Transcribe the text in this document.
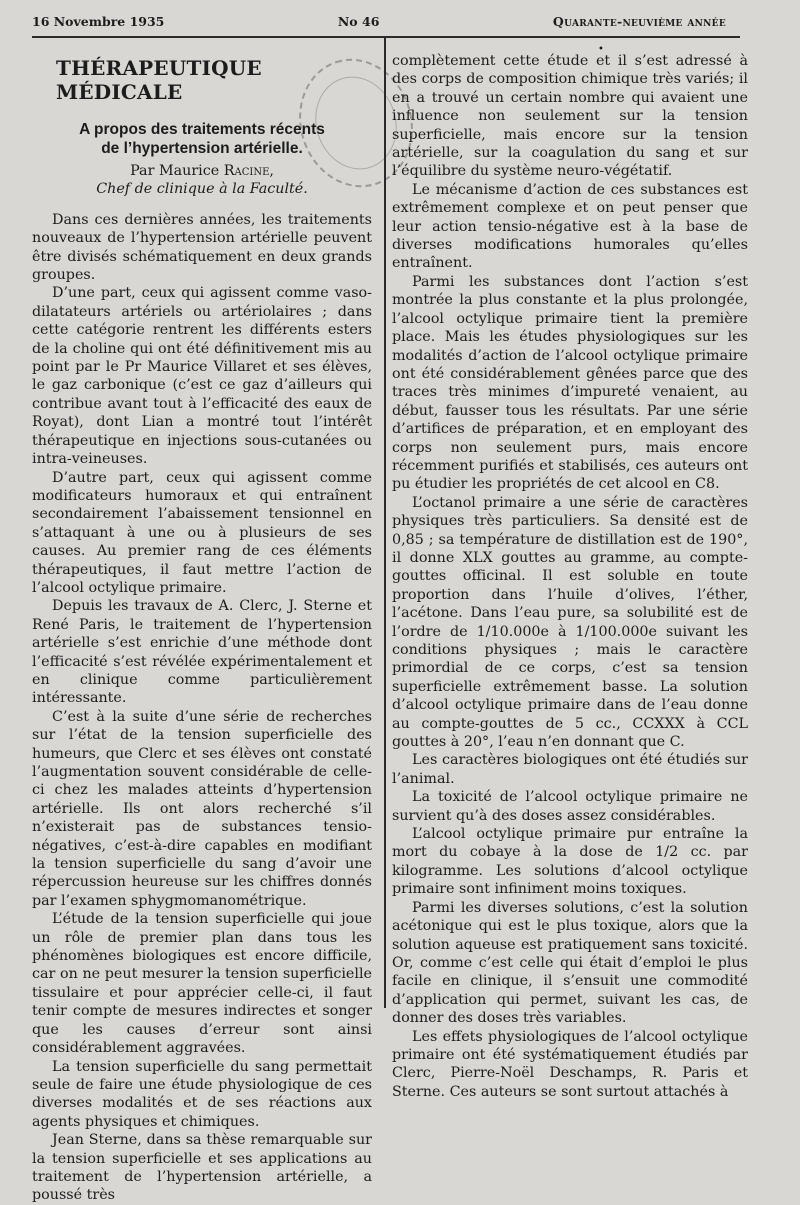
16 Novembre 1935	No 46	Quarante-neuvième année
•
THÉRAPEUTIQUE MÉDICALE
A propos des traitements récents
de l’hypertension artérielle.
Par Maurice Racine,
Chef de clinique à la Faculté.

Dans ces dernières années, les traitements nouveaux de l’hypertension artérielle peuvent être divisés schématiquement en deux grands groupes.

D’une part, ceux qui agissent comme vaso-dilatateurs artériels ou artériolaires ; dans cette catégorie rentrent les différents esters de la choline qui ont été définitivement mis au point par le Pr Maurice Villaret et ses élèves, le gaz carbonique (c’est ce gaz d’ailleurs qui contribue avant tout à l’efficacité des eaux de Royat), dont Lian a montré tout l’intérêt thérapeutique en injections sous-cutanées ou intra-veineuses.

D’autre part, ceux qui agissent comme modificateurs humoraux et qui entraînent secondairement l’abaissement tensionnel en s’attaquant à une ou à plusieurs de ses causes. Au premier rang de ces éléments thérapeutiques, il faut mettre l’action de l’alcool octylique primaire.

Depuis les travaux de A. Clerc, J. Sterne et René Paris, le traitement de l’hypertension artérielle s’est enrichie d’une méthode dont l’efficacité s’est révélée expérimentalement et en clinique comme particulièrement intéressante.

C’est à la suite d’une série de recherches sur l’état de la tension superficielle des humeurs, que Clerc et ses élèves ont constaté l’augmentation souvent considérable de celle-ci chez les malades atteints d’hypertension artérielle. Ils ont alors recherché s’il n’existerait pas de substances tensio-négatives, c’est-à-dire capables en modifiant la tension superficielle du sang d’avoir une répercussion heureuse sur les chiffres donnés par l’examen sphygmomanométrique.

L’étude de la tension superficielle qui joue un rôle de premier plan dans tous les phénomènes biologiques est encore difficile, car on ne peut mesurer la tension superficielle tissulaire et pour apprécier celle-ci, il faut tenir compte de mesures indirectes et songer que les causes d’erreur sont ainsi considérablement aggravées.

La tension superficielle du sang permettait seule de faire une étude physiologique de ces diverses modalités et de ses réactions aux agents physiques et chimiques.

Jean Sterne, dans sa thèse remarquable sur la tension superficielle et ses applications au traitement de l’hypertension artérielle, a poussé très

complètement cette étude et il s’est adressé à des corps de composition chimique très variés; il en a trouvé un certain nombre qui avaient une influence non seulement sur la tension superficielle, mais encore sur la tension artérielle, sur la coagulation du sang et sur l’équilibre du système neuro-végétatif.

Le mécanisme d’action de ces substances est extrêmement complexe et on peut penser que leur action tensio-négative est à la base de diverses modifications humorales qu’elles entraînent.

Parmi les substances dont l’action s’est montrée la plus constante et la plus prolongée, l’alcool octylique primaire tient la première place. Mais les études physiologiques sur les modalités d’action de l’alcool octylique primaire ont été considérablement gênées parce que des traces très minimes d’impureté venaient, au début, fausser tous les résultats. Par une série d’artifices de préparation, et en employant des corps non seulement purs, mais encore récemment purifiés et stabilisés, ces auteurs ont pu étudier les propriétés de cet alcool en C8.

L’octanol primaire a une série de caractères physiques très particuliers. Sa densité est de 0,85 ; sa température de distillation est de 190°, il donne XLX gouttes au gramme, au compte-gouttes officinal. Il est soluble en toute proportion dans l’huile d’olives, l’éther, l’acétone. Dans l’eau pure, sa solubilité est de l’ordre de 1/10.000e à 1/100.000e suivant les conditions physiques ; mais le caractère primordial de ce corps, c’est sa tension superficielle extrêmement basse. La solution d’alcool octylique primaire dans de l’eau donne au compte-gouttes de 5 cc., CCXXX à CCL gouttes à 20°, l’eau n’en donnant que C.

Les caractères biologiques ont été étudiés sur l’animal.

La toxicité de l’alcool octylique primaire ne survient qu’à des doses assez considérables.

L’alcool octylique primaire pur entraîne la mort du cobaye à la dose de 1/2 cc. par kilogramme. Les solutions d’alcool octylique primaire sont infiniment moins toxiques.

Parmi les diverses solutions, c’est la solution acétonique qui est le plus toxique, alors que la solution aqueuse est pratiquement sans toxicité. Or, comme c’est celle qui était d’emploi le plus facile en clinique, il s’ensuit une commodité d’application qui permet, suivant les cas, de donner des doses très variables.

Les effets physiologiques de l’alcool octylique primaire ont été systématiquement étudiés par Clerc, Pierre-Noël Deschamps, R. Paris et Sterne. Ces auteurs se sont surtout attachés à
